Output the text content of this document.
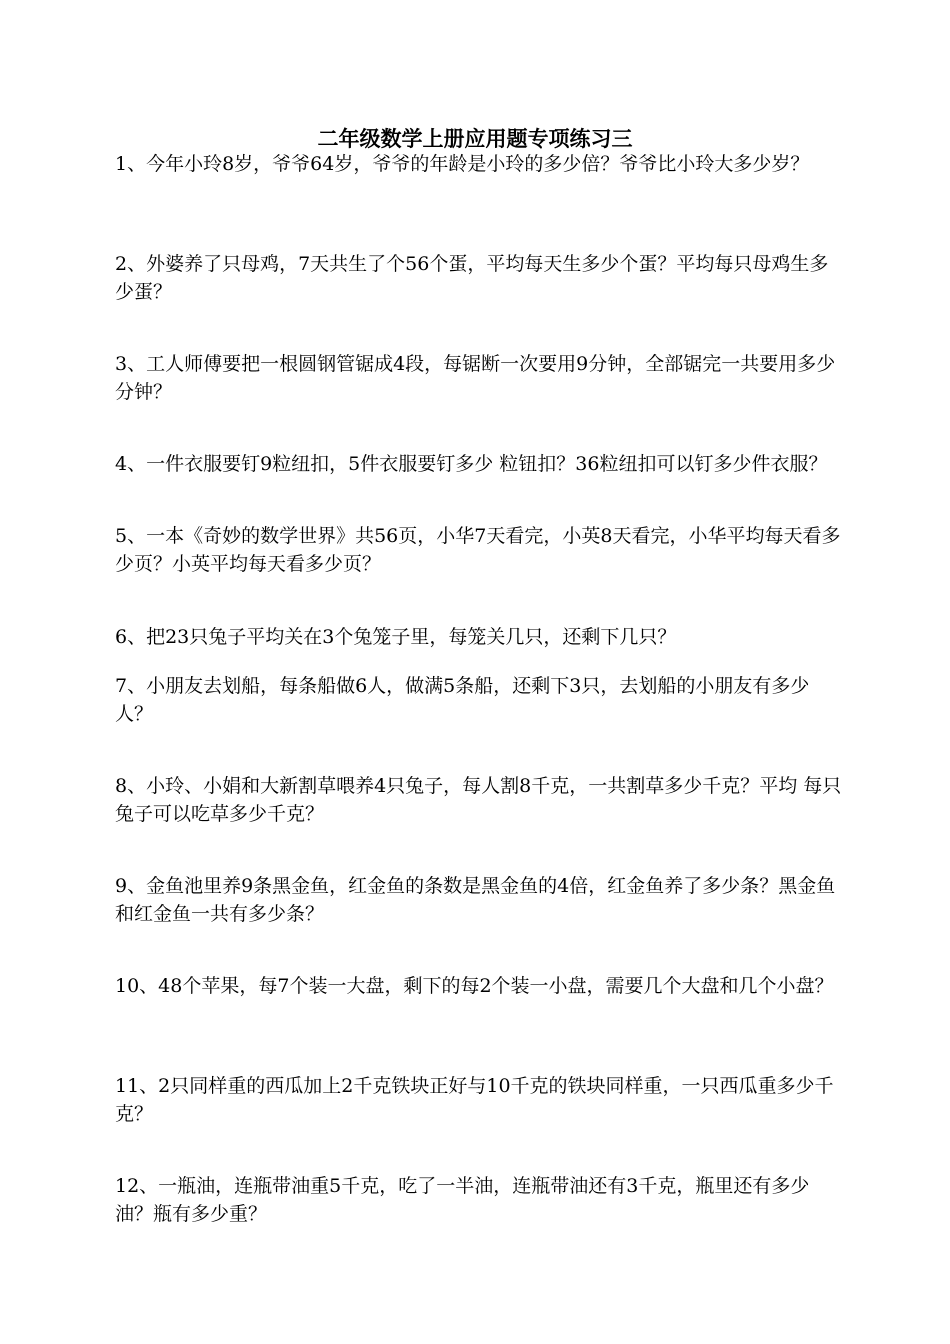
二年级数学上册应用题专项练习三

1、今年小玲8岁，爷爷64岁，爷爷的年龄是小玲的多少倍？爷爷比小玲大多少岁？

2、外婆养了只母鸡，7天共生了个56个蛋，平均每天生多少个蛋？平均每只母鸡生多少蛋？

3、工人师傅要把一根圆钢管锯成4段，每锯断一次要用9分钟，全部锯完一共要用多少分钟？

4、一件衣服要钉9粒纽扣，5件衣服要钉多少 粒钮扣？36粒纽扣可以钉多少件衣服？

5、一本《奇妙的数学世界》共56页，小华7天看完，小英8天看完，小华平均每天看多少页？小英平均每天看多少页？

6、把23只兔子平均关在3个兔笼子里，每笼关几只，还剩下几只？

7、小朋友去划船，每条船做6人，做满5条船，还剩下3只，去划船的小朋友有多少人？

8、小玲、小娟和大新割草喂养4只兔子，每人割8千克，一共割草多少千克？平均 每只兔子可以吃草多少千克？

9、金鱼池里养9条黑金鱼，红金鱼的条数是黑金鱼的4倍，红金鱼养了多少条？黑金鱼和红金鱼一共有多少条？

10、48个苹果，每7个装一大盘，剩下的每2个装一小盘，需要几个大盘和几个小盘？

11、2只同样重的西瓜加上2千克铁块正好与10千克的铁块同样重，一只西瓜重多少千克？

12、一瓶油，连瓶带油重5千克，吃了一半油，连瓶带油还有3千克，瓶里还有多少油？瓶有多少重？
